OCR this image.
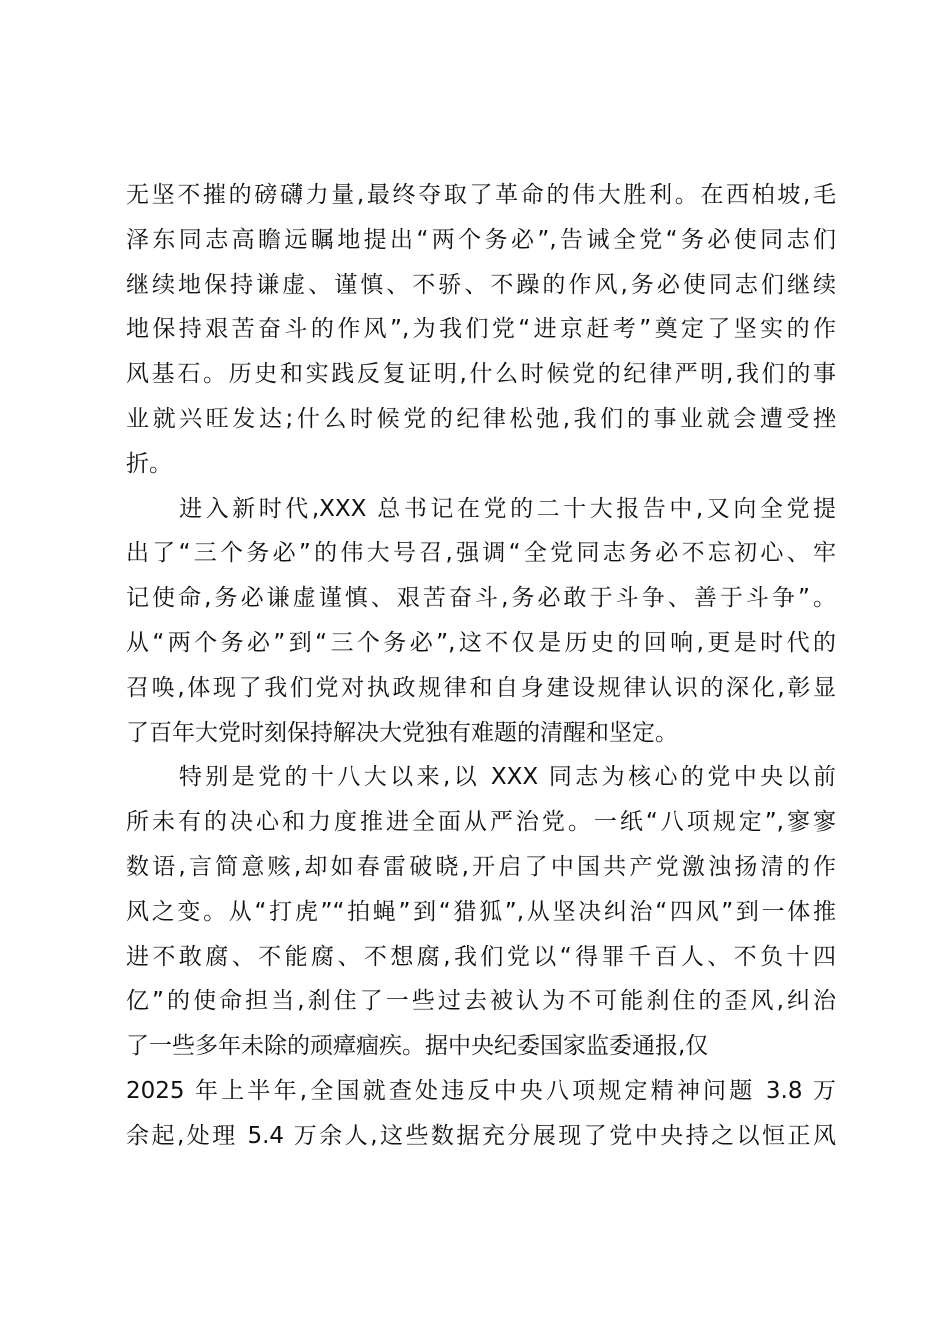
无坚不摧的磅礴力量,最终夺取了革命的伟大胜利。在西柏坡,毛
泽东同志高瞻远瞩地提出“两个务必”,告诫全党“务必使同志们
继续地保持谦虚、谨慎、不骄、不躁的作风,务必使同志们继续
地保持艰苦奋斗的作风”,为我们党“进京赶考”奠定了坚实的作
风基石。历史和实践反复证明,什么时候党的纪律严明,我们的事
业就兴旺发达;什么时候党的纪律松弛,我们的事业就会遭受挫
折。
　　进入新时代,XXX 总书记在党的二十大报告中,又向全党提
出了“三个务必”的伟大号召,强调“全党同志务必不忘初心、牢
记使命,务必谦虚谨慎、艰苦奋斗,务必敢于斗争、善于斗争”。
从“两个务必”到“三个务必”,这不仅是历史的回响,更是时代的
召唤,体现了我们党对执政规律和自身建设规律认识的深化,彰显
了百年大党时刻保持解决大党独有难题的清醒和坚定。
　　特别是党的十八大以来,以 XXX 同志为核心的党中央以前
所未有的决心和力度推进全面从严治党。一纸“八项规定”,寥寥
数语,言简意赅,却如春雷破晓,开启了中国共产党激浊扬清的作
风之变。从“打虎”“拍蝇”到“猎狐”,从坚决纠治“四风”到一体推
进不敢腐、不能腐、不想腐,我们党以“得罪千百人、不负十四
亿”的使命担当,刹住了一些过去被认为不可能刹住的歪风,纠治
了一些多年未除的顽瘴痼疾。据中央纪委国家监委通报,仅
2025 年上半年,全国就查处违反中央八项规定精神问题 3.8 万
余起,处理 5.4 万余人,这些数据充分展现了党中央持之以恒正风
